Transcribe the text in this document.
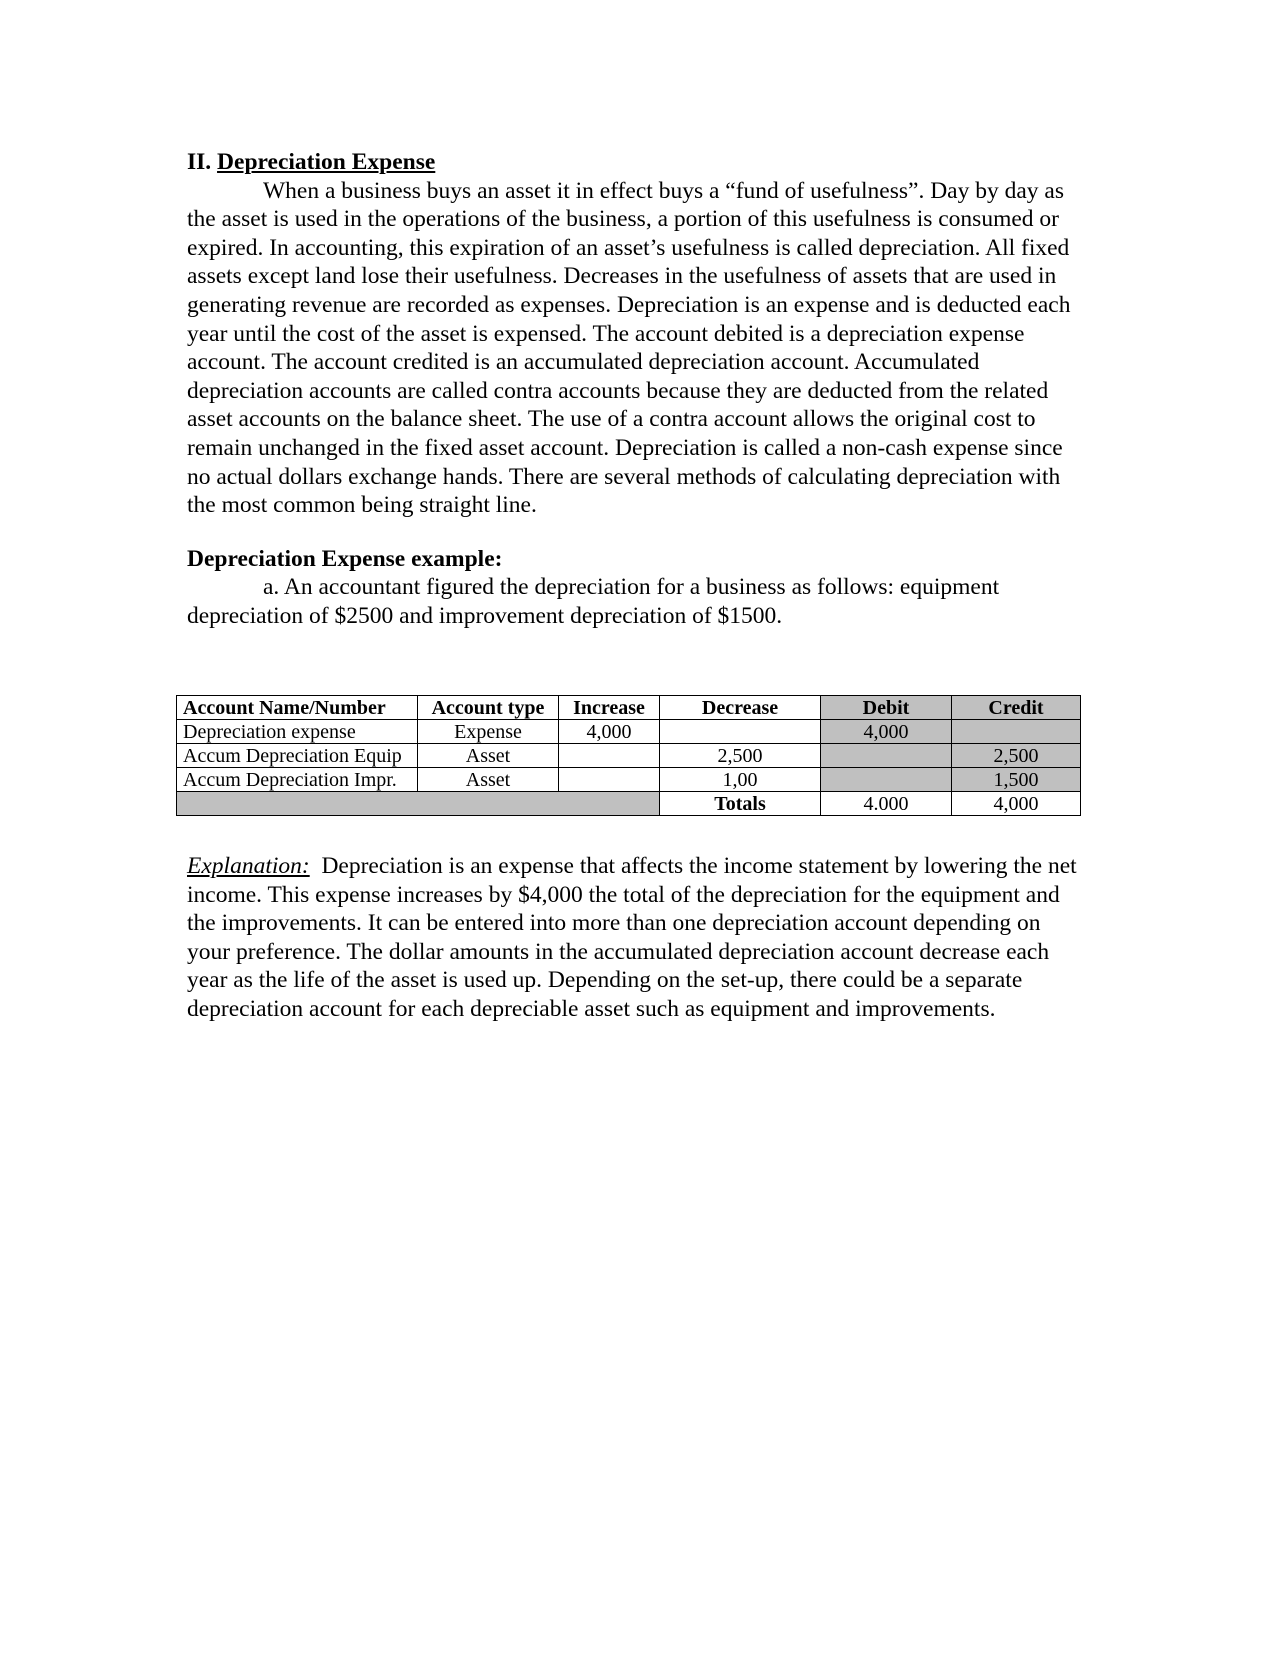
II. Depreciation Expense

When a business buys an asset it in effect buys a “fund of usefulness”. Day by day as the asset is used in the operations of the business, a portion of this usefulness is consumed or expired. In accounting, this expiration of an asset’s usefulness is called depreciation. All fixed assets except land lose their usefulness. Decreases in the usefulness of assets that are used in generating revenue are recorded as expenses. Depreciation is an expense and is deducted each year until the cost of the asset is expensed. The account debited is a depreciation expense account. The account credited is an accumulated depreciation account. Accumulated depreciation accounts are called contra accounts because they are deducted from the related asset accounts on the balance sheet. The use of a contra account allows the original cost to remain unchanged in the fixed asset account. Depreciation is called a non-cash expense since no actual dollars exchange hands. There are several methods of calculating depreciation with the most common being straight line.

Depreciation Expense example:

a. An accountant figured the depreciation for a business as follows: equipment depreciation of $2500 and improvement depreciation of $1500.

Account Name/Number	Account type	Increase	Decrease	Debit	Credit
Depreciation expense	Expense	4,000		4,000	
Accum Depreciation Equip	Asset		2,500		2,500
Accum Depreciation Impr.	Asset		1,00		1,500
			Totals	4.000	4,000

Explanation: Depreciation is an expense that affects the income statement by lowering the net income. This expense increases by $4,000 the total of the depreciation for the equipment and the improvements. It can be entered into more than one depreciation account depending on your preference. The dollar amounts in the accumulated depreciation account decrease each year as the life of the asset is used up. Depending on the set-up, there could be a separate depreciation account for each depreciable asset such as equipment and improvements.
